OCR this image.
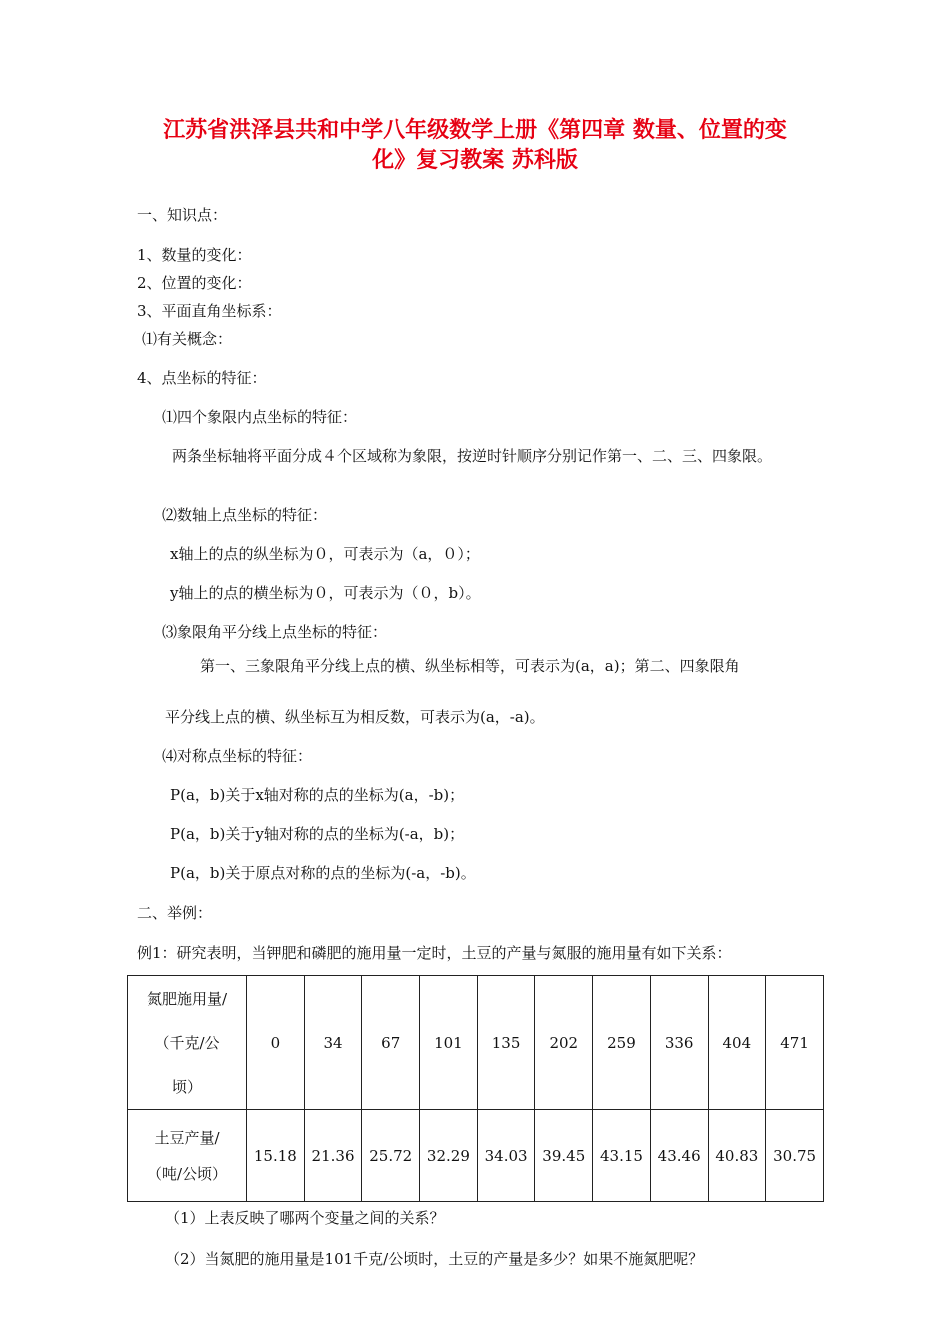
江苏省洪泽县共和中学八年级数学上册《第四章 数量、位置的变
化》复习教案 苏科版
一、知识点：
1、数量的变化：
2、位置的变化：
3、平面直角坐标系：
⑴有关概念：
4、点坐标的特征：
⑴四个象限内点坐标的特征：
两条坐标轴将平面分成４个区域称为象限，按逆时针顺序分别记作第一、二、三、四象限。
⑵数轴上点坐标的特征：
x轴上的点的纵坐标为０，可表示为（a，０）；
y轴上的点的横坐标为０，可表示为（０，b）。
⑶象限角平分线上点坐标的特征：
第一、三象限角平分线上点的横、纵坐标相等，可表示为(a，a)；第二、四象限角
平分线上点的横、纵坐标互为相反数，可表示为(a，-a)。
⑷对称点坐标的特征：
P(a，b)关于x轴对称的点的坐标为(a，-b)；
P(a，b)关于y轴对称的点的坐标为(-a，b)；
P(a，b)关于原点对称的点的坐标为(-a，-b)。
二、举例：
例1：研究表明，当钾肥和磷肥的施用量一定时，土豆的产量与氮服的施用量有如下关系：
氮肥施用量/
（千克/公
顷）	0	34	67	101	135	202	259	336	404	471

土豆产量/
（吨/公顷）	15.18	21.36	25.72	32.29	34.03	39.45	43.15	43.46	40.83	30.75
（1）上表反映了哪两个变量之间的关系？
（2）当氮肥的施用量是101千克/公顷时，土豆的产量是多少？如果不施氮肥呢？
